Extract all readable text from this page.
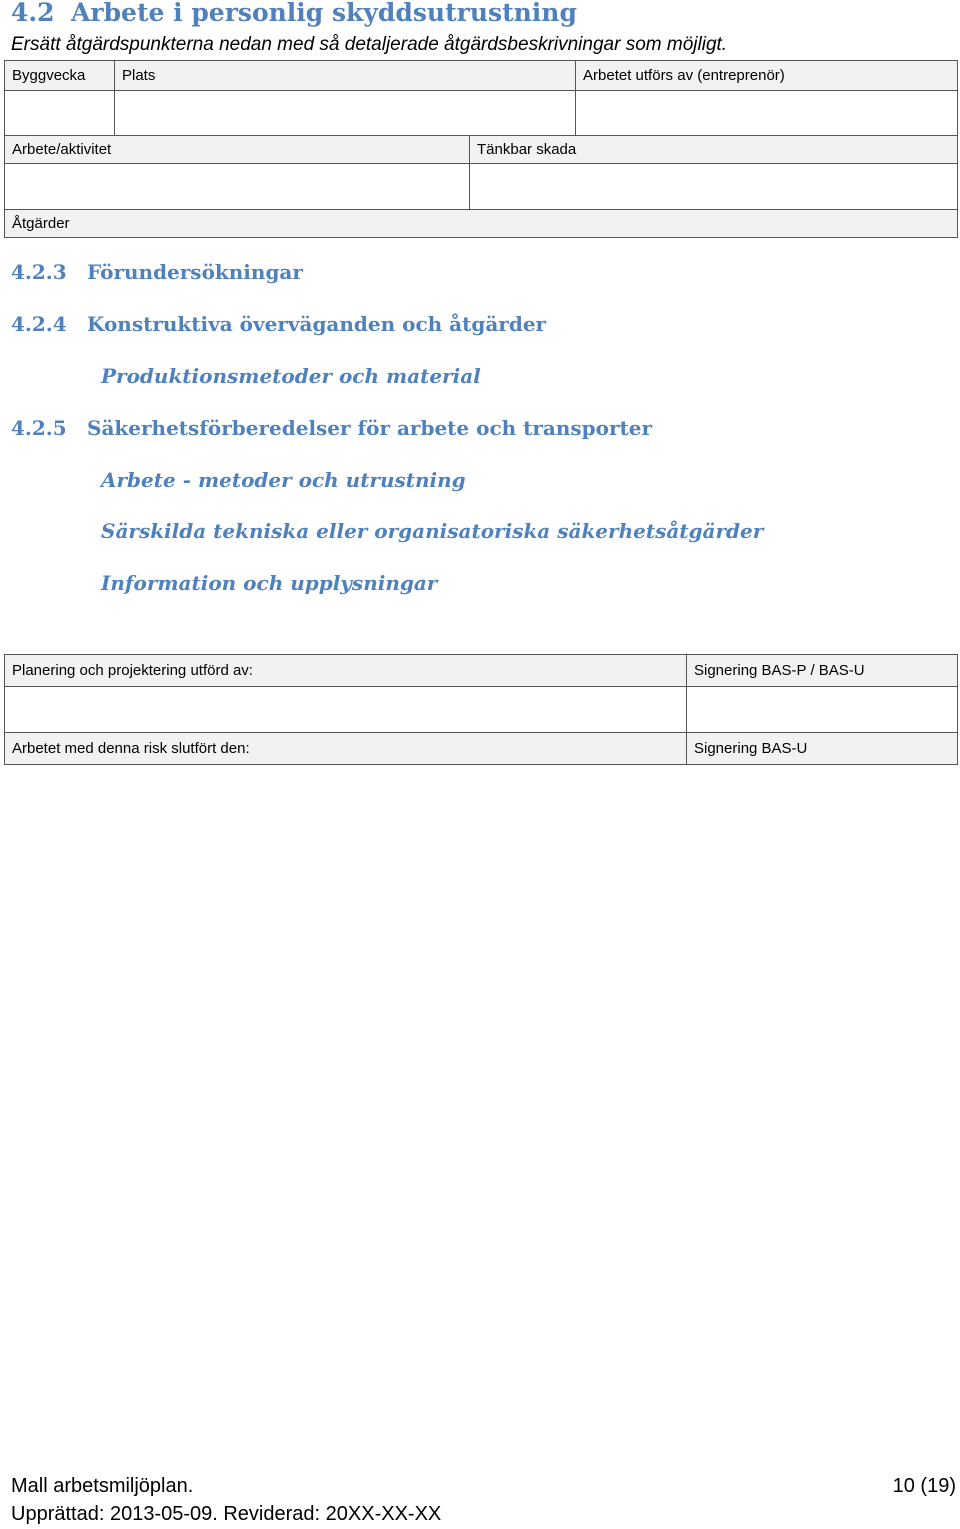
4.2 Arbete i personlig skyddsutrustning

Ersätt åtgärdspunkterna nedan med så detaljerade åtgärdsbeskrivningar som möjligt.

Byggvecka	Plats		Arbetet utförs av (entreprenör)

Arbete/aktivitet		Tänkbar skada	

Åtgärder			
4.2.3 Förundersökningar
4.2.4 Konstruktiva överväganden och åtgärder
Produktionsmetoder och material
4.2.5 Säkerhetsförberedelser för arbete och transporter
Arbete - metoder och utrustning
Särskilda tekniska eller organisatoriska säkerhetsåtgärder
Information och upplysningar
Planering och projektering utförd av:	Signering BAS-P / BAS-U

Arbetet med denna risk slutfört den:	Signering BAS-U
Mall arbetsmiljöplan.
Upprättad: 2013-05-09. Reviderad: 20XX-XX-XX
10 (19)
